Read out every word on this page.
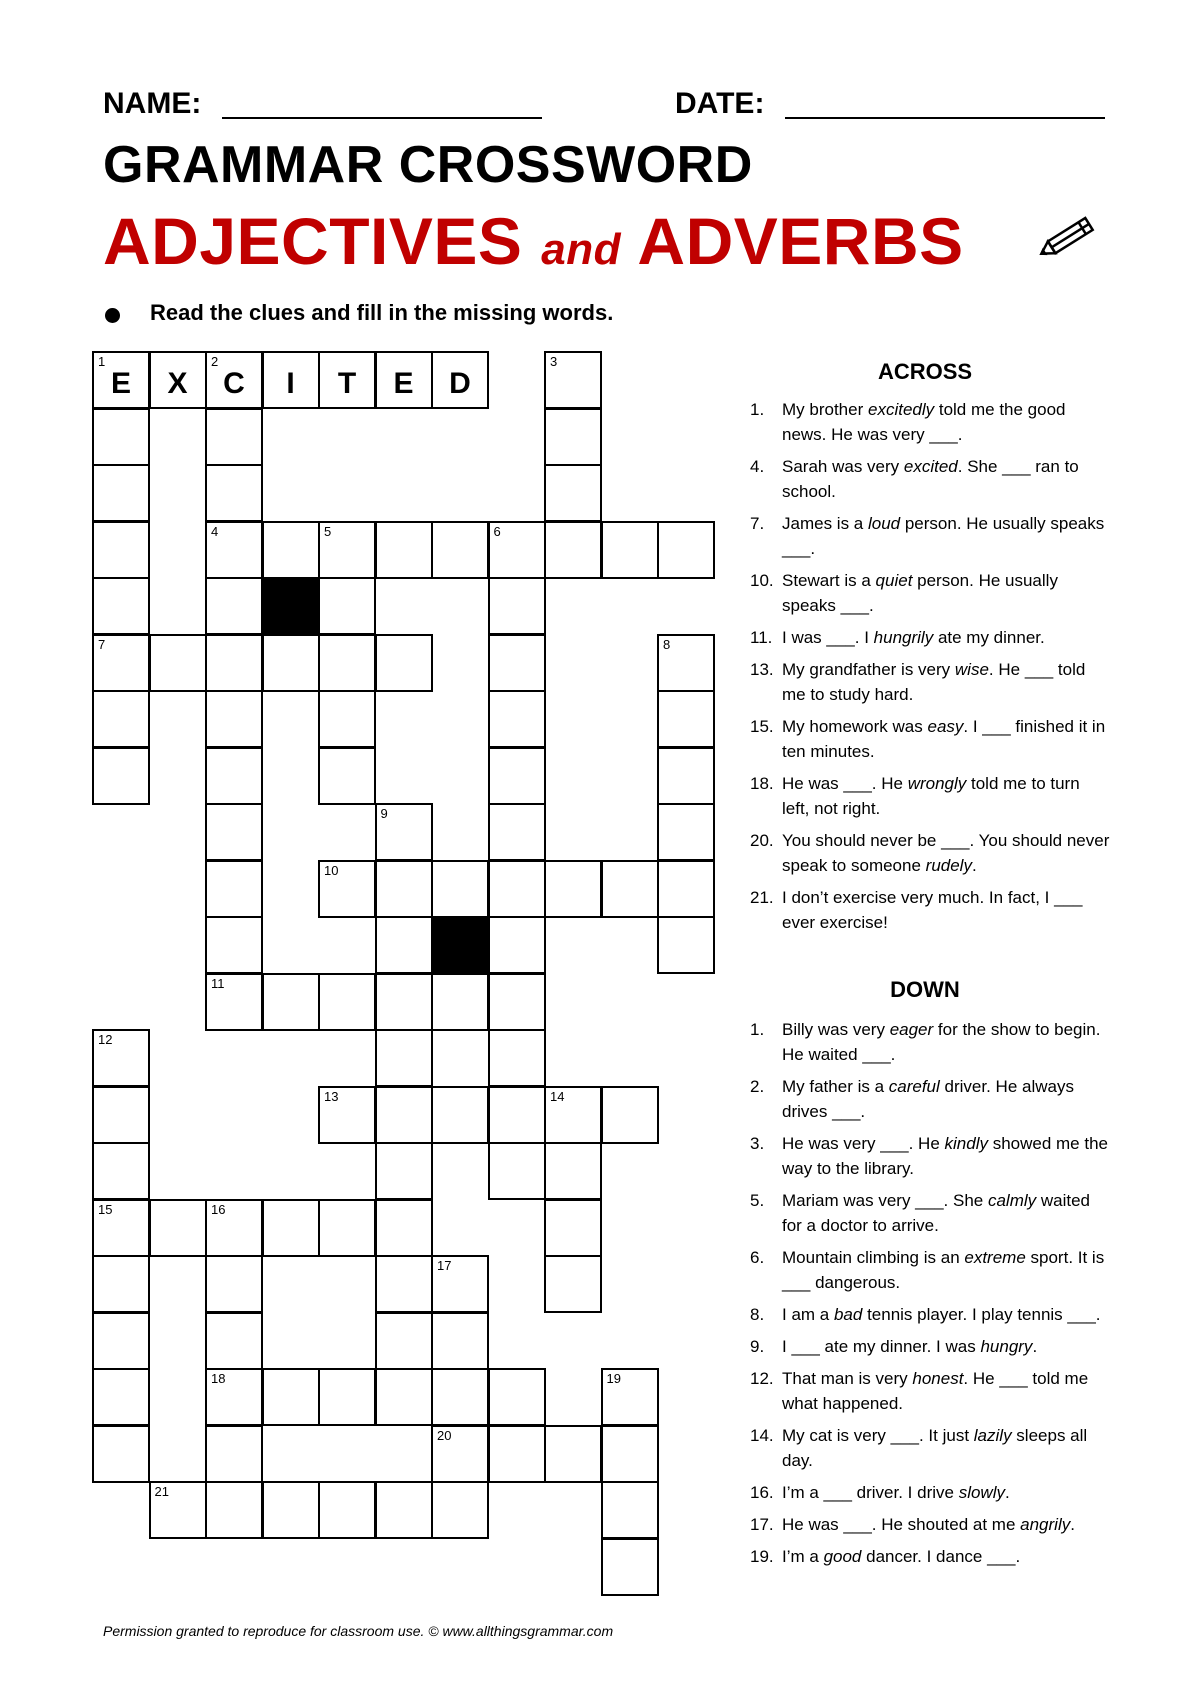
NAME:	DATE:
GRAMMAR CROSSWORD
ADJECTIVES and ADVERBS
Read the clues and fill in the missing words.
1
E	X
2
C	I	T	E	D
7
4
11
3
5	6
8
9
10
12
15
13	14
16
18
17
20
19
21
ACROSS
1. My brother excitedly told me the good news. He was very ___.
4. Sarah was very excited. She ___ ran to school.
7. James is a loud person. He usually speaks ___.
10. Stewart is a quiet person. He usually speaks ___.
11. I was ___. I hungrily ate my dinner.
13. My grandfather is very wise. He ___ told me to study hard.
15. My homework was easy. I ___ finished it in ten minutes.
18. He was ___. He wrongly told me to turn left, not right.
20. You should never be ___. You should never speak to someone rudely.
21. I don’t exercise very much. In fact, I ___ ever exercise!
DOWN
1. Billy was very eager for the show to begin. He waited ___.
2. My father is a careful driver. He always drives ___.
3. He was very ___. He kindly showed me the way to the library.
5. Mariam was very ___. She calmly waited for a doctor to arrive.
6. Mountain climbing is an extreme sport. It is ___ dangerous.
8. I am a bad tennis player. I play tennis ___.
9. I ___ ate my dinner. I was hungry.
12. That man is very honest. He ___ told me what happened.
14. My cat is very ___. It just lazily sleeps all day.
16. I’m a ___ driver. I drive slowly.
17. He was ___. He shouted at me angrily.
19. I’m a good dancer. I dance ___.
Permission granted to reproduce for classroom use. © www.allthingsgrammar.com
